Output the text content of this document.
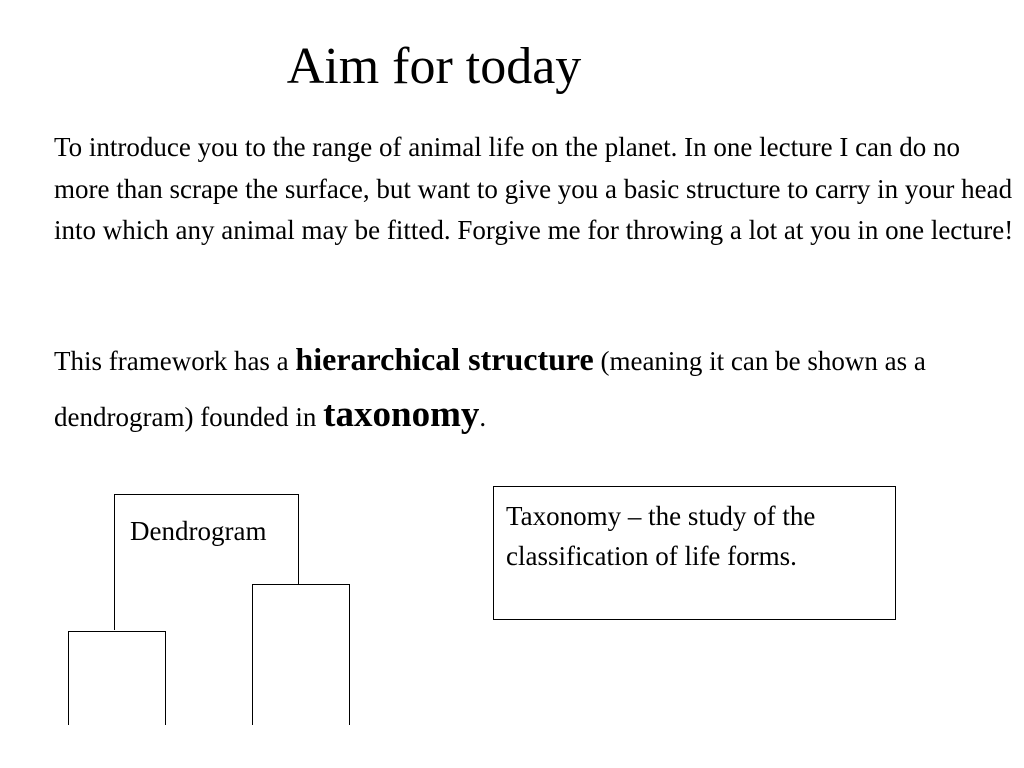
Aim for today

To introduce you to the range of animal life on the planet. In one lecture I can do no more than scrape the surface, but want to give you a basic structure to carry in your head into which any animal may be fitted. Forgive me for throwing a lot at you in one lecture!

This framework has a hierarchical structure (meaning it can be shown as a dendrogram) founded in taxonomy.

Dendrogram	Taxonomy – the study of the classification of life forms.
